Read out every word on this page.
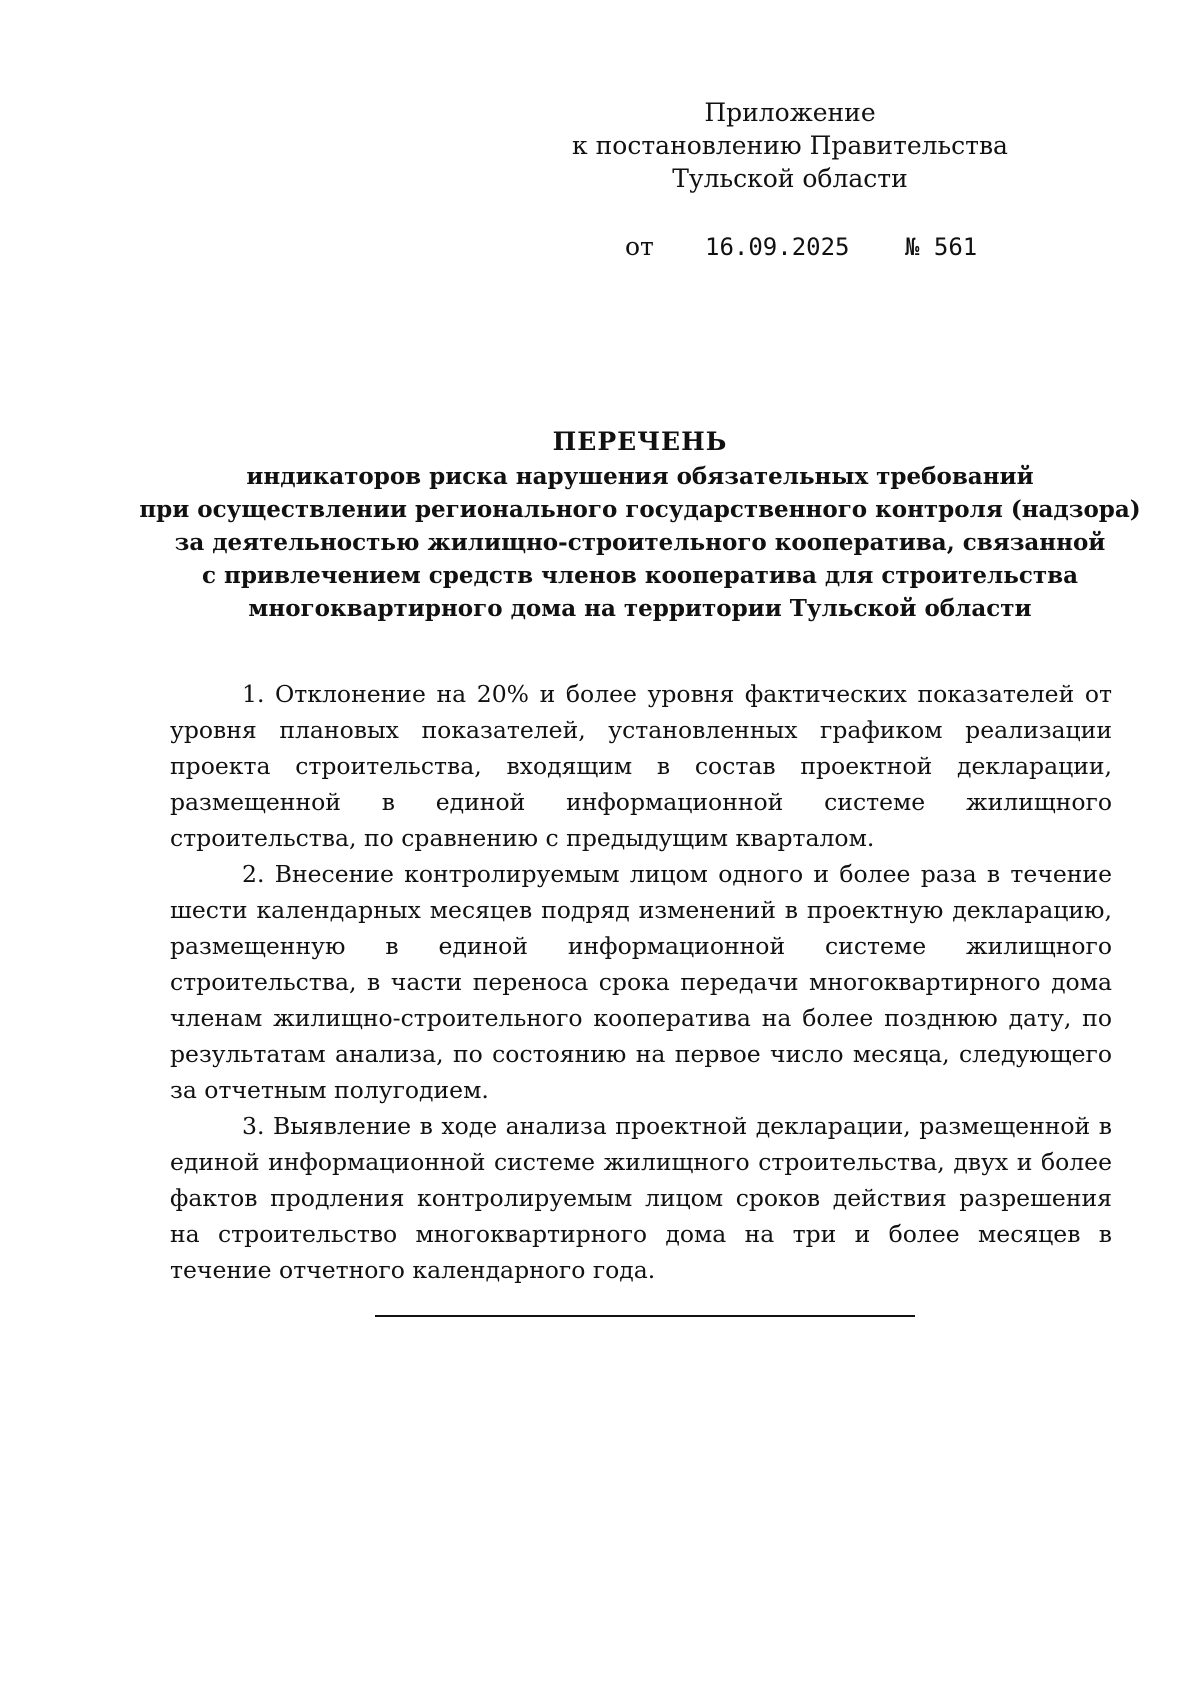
Приложение
к постановлению Правительства
Тульской области
от 16.09.2025 № 561
ПЕРЕЧЕНЬ
индикаторов риска нарушения обязательных требований
при осуществлении регионального государственного контроля (надзора)
за деятельностью жилищно-строительного кооператива, связанной
с привлечением средств членов кооператива для строительства
многоквартирного дома на территории Тульской области

1. Отклонение на 20% и более уровня фактических показателей от уровня плановых показателей, установленных графиком реализации проекта строительства, входящим в состав проектной декларации, размещенной в единой информационной системе жилищного строительства, по сравнению с предыдущим кварталом.

2. Внесение контролируемым лицом одного и более раза в течение шести календарных месяцев подряд изменений в проектную декларацию, размещенную в единой информационной системе жилищного строительства, в части переноса срока передачи многоквартирного дома членам жилищно-строительного кооператива на более позднюю дату, по результатам анализа, по состоянию на первое число месяца, следующего за отчетным полугодием.

3. Выявление в ходе анализа проектной декларации, размещенной в единой информационной системе жилищного строительства, двух и более фактов продления контролируемым лицом сроков действия разрешения на строительство многоквартирного дома на три и более месяцев в течение отчетного календарного года.
